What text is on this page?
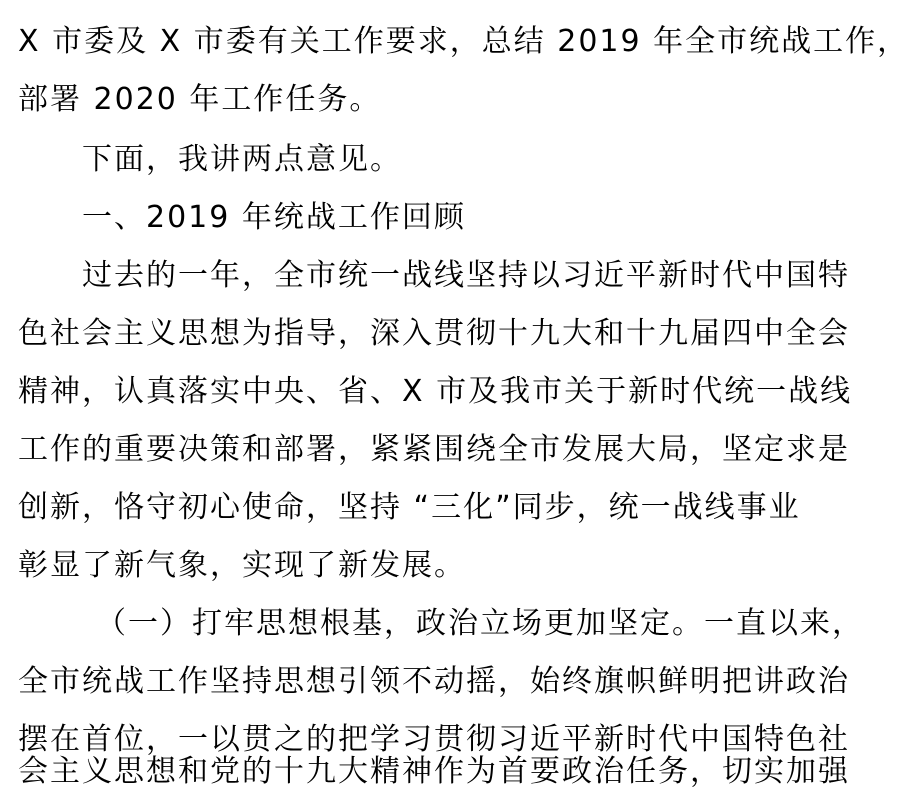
X 市委及 X 市委有关工作要求，总结 2019 年全市统战工作，
部署 2020 年工作任务。
下面，我讲两点意见。
一、2019 年统战工作回顾
过去的一年，全市统一战线坚持以习近平新时代中国特
色社会主义思想为指导，深入贯彻十九大和十九届四中全会
精神，认真落实中央、省、X 市及我市关于新时代统一战线
工作的重要决策和部署，紧紧围绕全市发展大局，坚定求是
创新，恪守初心使命，坚持 “三化”同步，统一战线事业
彰显了新气象，实现了新发展。
（一）打牢思想根基，政治立场更加坚定。一直以来，
全市统战工作坚持思想引领不动摇，始终旗帜鲜明把讲政治
摆在首位，一以贯之的把学习贯彻习近平新时代中国特色社
会主义思想和党的十九大精神作为首要政治任务，切实加强
